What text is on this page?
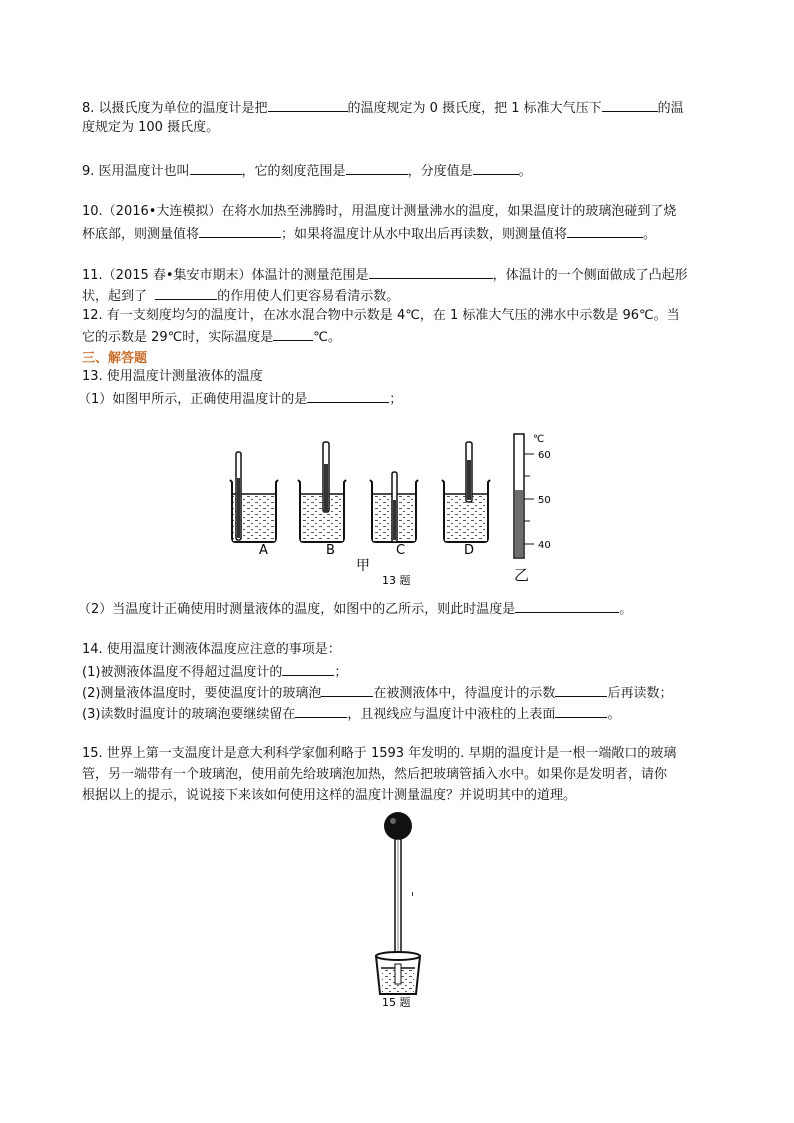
8. 以摄氏度为单位的温度计是把	的温度规定为 0 摄氏度，把 1 标准大气压下	的温
度规定为 100 摄氏度。
9. 医用温度计也叫	，它的刻度范围是	，分度值是	。
10.（2016•大连模拟）在将水加热至沸腾时，用温度计测量沸水的温度，如果温度计的玻璃泡碰到了烧
杯底部，则测量值将	；如果将温度计从水中取出后再读数，则测量值将	。
11.（2015 春•集安市期末）体温计的测量范围是	，体温计的一个侧面做成了凸起形
状，起到了	的作用使人们更容易看清示数。
12. 有一支刻度均匀的温度计，在冰水混合物中示数是 4℃，在 1 标准大气压的沸水中示数是 96℃。当
它的示数是 29℃时，实际温度是	℃。
三、解答题
13. 使用温度计测量液体的温度
（1）如图甲所示，正确使用温度计的是	；
℃
60
50
40
A	B	C	D
甲	乙
13 题
（2）当温度计正确使用时测量液体的温度，如图中的乙所示，则此时温度是	。
14. 使用温度计测液体温度应注意的事项是：
(1)被测液体温度不得超过温度计的	；
(2)测量液体温度时，要使温度计的玻璃泡	在被测液体中，待温度计的示数	后再读数；
(3)读数时温度计的玻璃泡要继续留在	，且视线应与温度计中液柱的上表面	。
15. 世界上第一支温度计是意大利科学家伽利略于 1593 年发明的. 早期的温度计是一根一端敞口的玻璃
管，另一端带有一个玻璃泡，使用前先给玻璃泡加热，然后把玻璃管插入水中。如果你是发明者，请你
根据以上的提示，说说接下来该如何使用这样的温度计测量温度？并说明其中的道理。
15 题
